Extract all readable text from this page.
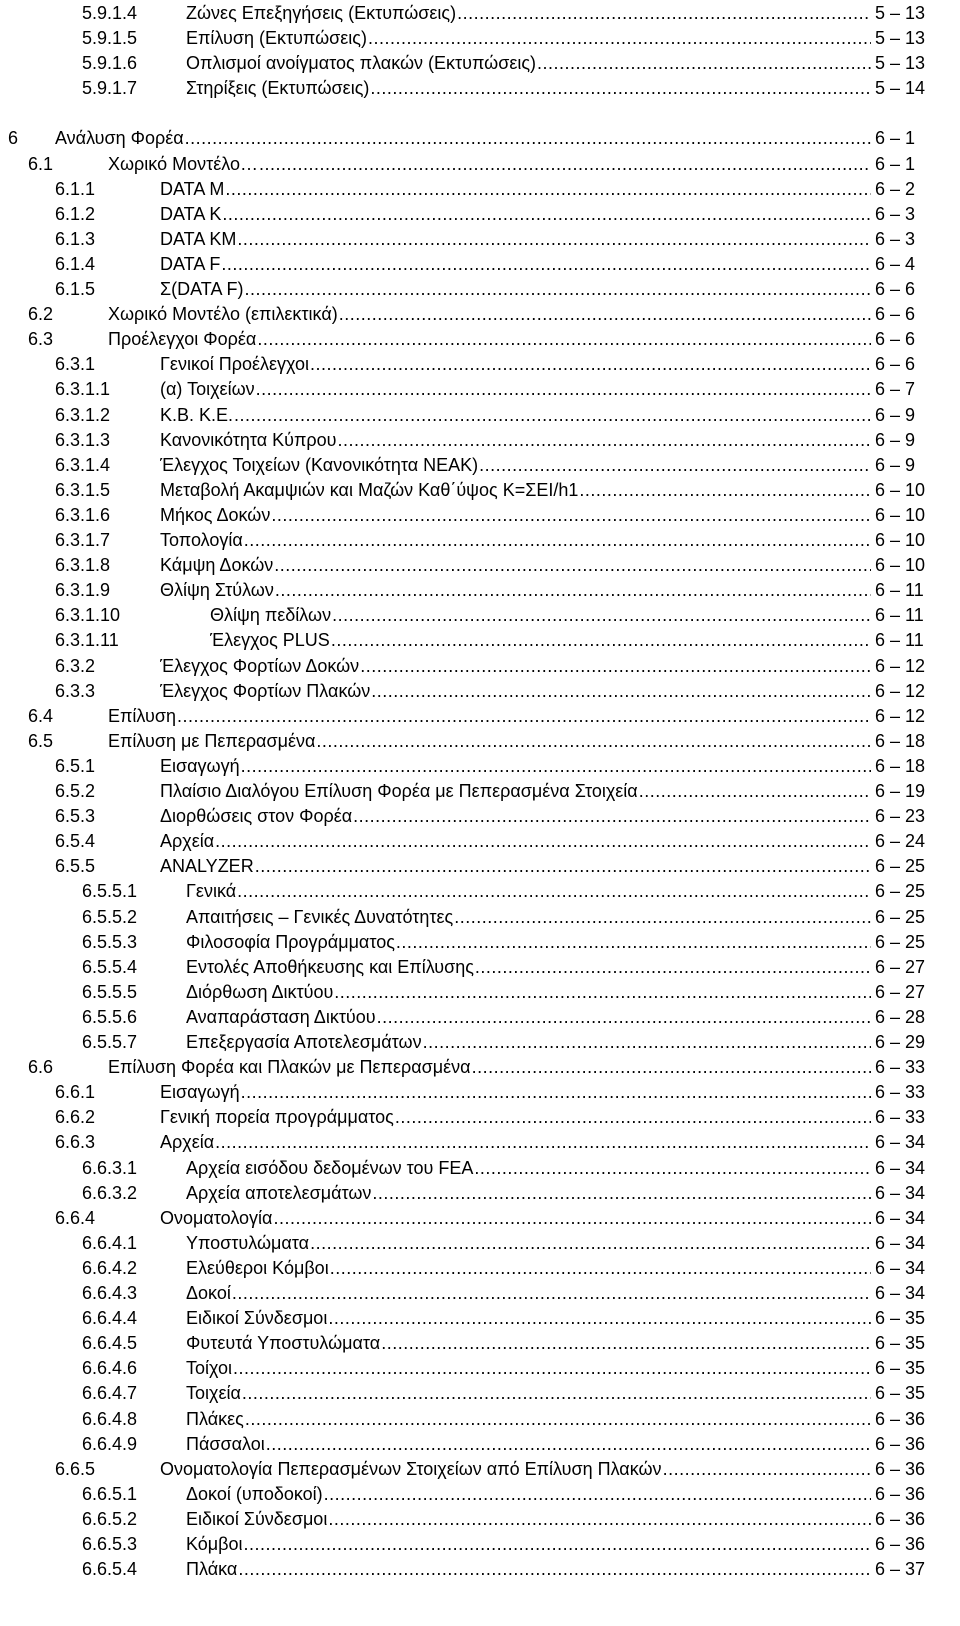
5.9.1.4	Ζώνες Επεξηγήσεις (Εκτυπώσεις) .....	5 – 13
5.9.1.5	Επίλυση (Εκτυπώσεις) .....	5 – 13
5.9.1.6	Οπλισμοί ανοίγματος πλακών (Εκτυπώσεις) .....	5 – 13
5.9.1.7	Στηρίξεις (Εκτυπώσεις) .....	5 – 14
6 Ανάλυση Φορέα .....	6 – 1
6.1	Χωρικό Μοντέλο… .....	6 – 1
6.1.1	DATA M .....	6 – 2
6.1.2	DATA K .....	6 – 3
6.1.3	DATA KM .....	6 – 3
6.1.4	DATA F .....	6 – 4
6.1.5	Σ(DATA F) .....	6 – 6
6.2	Χωρικό Μοντέλο (επιλεκτικά) .....	6 – 6
6.3	Προέλεγχοι Φορέα .....	6 – 6
6.3.1	Γενικοί Προέλεγχοι .....	6 – 6
6.3.1.1	(α) Τοιχείων .....	6 – 7
6.3.1.2	Κ.Β. Κ.Ε. .....	6 – 9
6.3.1.3	Κανονικότητα Κύπρου .....	6 – 9
6.3.1.4	Έλεγχος Τοιχείων (Κανονικότητα ΝΕΑΚ) .....	6 – 9
6.3.1.5	Μεταβολή Ακαμψιών και Μαζών Καθ΄ύψος Κ=ΣΕΙ/h1 .....	6 – 10
6.3.1.6	Μήκος Δοκών .....	6 – 10
6.3.1.7	Τοπολογία .....	6 – 10
6.3.1.8	Κάμψη Δοκών .....	6 – 10
6.3.1.9	Θλίψη Στύλων .....	6 – 11
6.3.1.10	Θλίψη πεδίλων .....	6 – 11
6.3.1.11	Έλεγχος PLUS .....	6 – 11
6.3.2	Έλεγχος Φορτίων Δοκών .....	6 – 12
6.3.3	Έλεγχος Φορτίων Πλακών .....	6 – 12
6.4	Επίλυση .....	6 – 12
6.5	Επίλυση με Πεπερασμένα .....	6 – 18
6.5.1	Εισαγωγή .....	6 – 18
6.5.2	Πλαίσιο Διαλόγου Επίλυση Φορέα με Πεπερασμένα Στοιχεία .....	6 – 19
6.5.3	Διορθώσεις στον Φορέα .....	6 – 23
6.5.4	Αρχεία .....	6 – 24
6.5.5	ANALYZER .....	6 – 25
6.5.5.1	Γενικά .....	6 – 25
6.5.5.2	Απαιτήσεις – Γενικές Δυνατότητες .....	6 – 25
6.5.5.3	Φιλοσοφία Προγράμματος .....	6 – 25
6.5.5.4	Εντολές Αποθήκευσης και Επίλυσης .....	6 – 27
6.5.5.5	Διόρθωση Δικτύου .....	6 – 27
6.5.5.6	Αναπαράσταση Δικτύου .....	6 – 28
6.5.5.7	Επεξεργασία Αποτελεσμάτων .....	6 – 29
6.6	Επίλυση Φορέα και Πλακών με Πεπερασμένα .....	6 – 33
6.6.1	Εισαγωγή .....	6 – 33
6.6.2	Γενική πορεία προγράμματος .....	6 – 33
6.6.3	Αρχεία .....	6 – 34
6.6.3.1	Αρχεία εισόδου δεδομένων του FEA .....	6 – 34
6.6.3.2	Αρχεία αποτελεσμάτων .....	6 – 34
6.6.4	Ονοματολογία .....	6 – 34
6.6.4.1	Υποστυλώματα .....	6 – 34
6.6.4.2	Ελεύθεροι Κόμβοι .....	6 – 34
6.6.4.3	Δοκοί .....	6 – 34
6.6.4.4	Ειδικοί Σύνδεσμοι .....	6 – 35
6.6.4.5	Φυτευτά Υποστυλώματα .....	6 – 35
6.6.4.6	Τοίχοι .....	6 – 35
6.6.4.7	Τοιχεία .....	6 – 35
6.6.4.8	Πλάκες .....	6 – 36
6.6.4.9	Πάσσαλοι .....	6 – 36
6.6.5	Ονοματολογία Πεπερασμένων Στοιχείων από Επίλυση Πλακών .....	6 – 36
6.6.5.1	Δοκοί (υποδοκοί) .....	6 – 36
6.6.5.2	Ειδικοί Σύνδεσμοι .....	6 – 36
6.6.5.3	Κόμβοι .....	6 – 36
6.6.5.4	Πλάκα .....	6 – 37
